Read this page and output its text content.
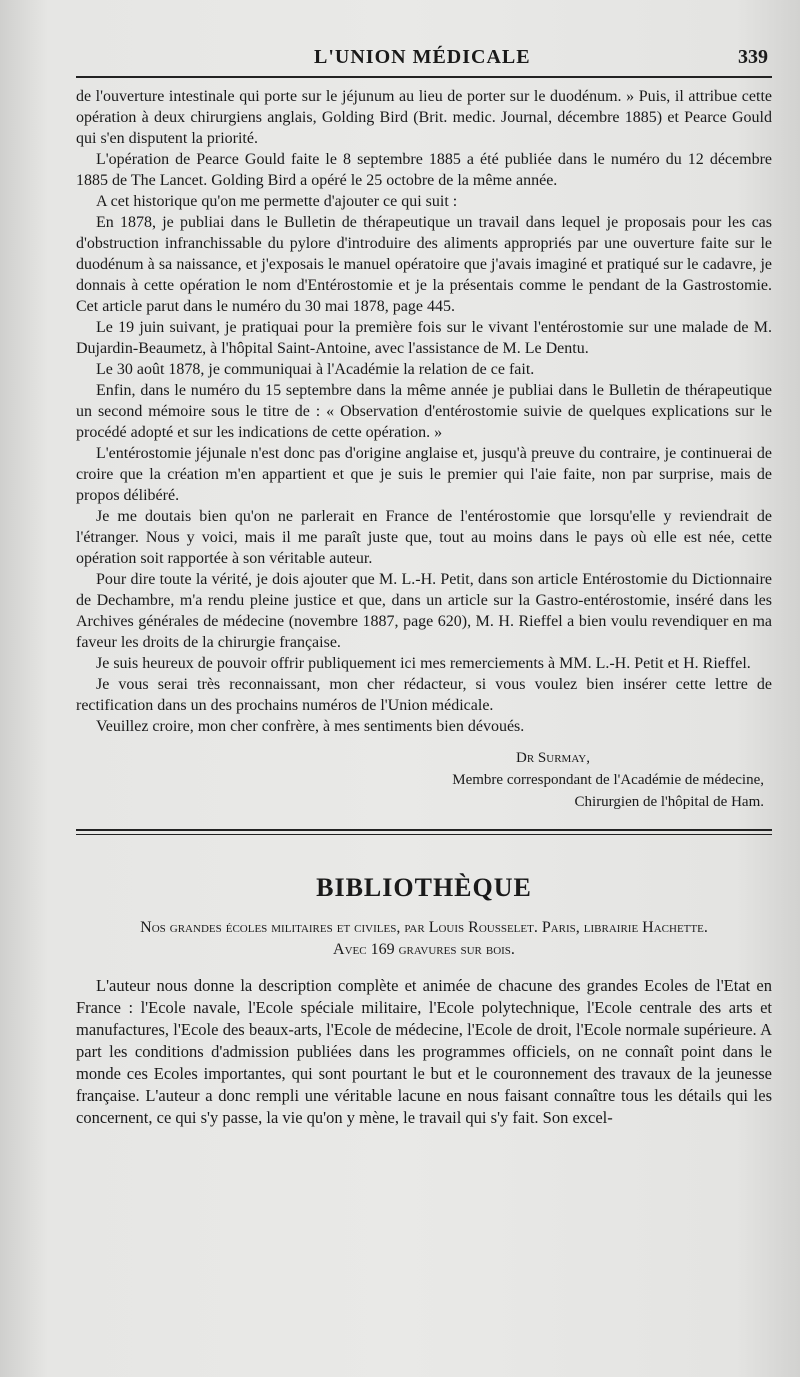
L'UNION MÉDICALE	339

de l'ouverture intestinale qui porte sur le jéjunum au lieu de porter sur le duodénum. » Puis, il attribue cette opération à deux chirurgiens anglais, Golding Bird (Brit. medic. Journal, décembre 1885) et Pearce Gould qui s'en disputent la priorité.

L'opération de Pearce Gould faite le 8 septembre 1885 a été publiée dans le numéro du 12 décembre 1885 de The Lancet. Golding Bird a opéré le 25 octobre de la même année.

A cet historique qu'on me permette d'ajouter ce qui suit :

En 1878, je publiai dans le Bulletin de thérapeutique un travail dans lequel je proposais pour les cas d'obstruction infranchissable du pylore d'introduire des aliments appropriés par une ouverture faite sur le duodénum à sa naissance, et j'exposais le manuel opératoire que j'avais imaginé et pratiqué sur le cadavre, je donnais à cette opération le nom d'Entérostomie et je la présentais comme le pendant de la Gastrostomie. Cet article parut dans le numéro du 30 mai 1878, page 445.

Le 19 juin suivant, je pratiquai pour la première fois sur le vivant l'entérostomie sur une malade de M. Dujardin-Beaumetz, à l'hôpital Saint-Antoine, avec l'assistance de M. Le Dentu.

Le 30 août 1878, je communiquai à l'Académie la relation de ce fait.

Enfin, dans le numéro du 15 septembre dans la même année je publiai dans le Bulletin de thérapeutique un second mémoire sous le titre de : « Observation d'entérostomie suivie de quelques explications sur le procédé adopté et sur les indications de cette opération. »

L'entérostomie jéjunale n'est donc pas d'origine anglaise et, jusqu'à preuve du contraire, je continuerai de croire que la création m'en appartient et que je suis le premier qui l'aie faite, non par surprise, mais de propos délibéré.

Je me doutais bien qu'on ne parlerait en France de l'entérostomie que lorsqu'elle y reviendrait de l'étranger. Nous y voici, mais il me paraît juste que, tout au moins dans le pays où elle est née, cette opération soit rapportée à son véritable auteur.

Pour dire toute la vérité, je dois ajouter que M. L.-H. Petit, dans son article Entérostomie du Dictionnaire de Dechambre, m'a rendu pleine justice et que, dans un article sur la Gastro-entérostomie, inséré dans les Archives générales de médecine (novembre 1887, page 620), M. H. Rieffel a bien voulu revendiquer en ma faveur les droits de la chirurgie française.

Je suis heureux de pouvoir offrir publiquement ici mes remerciements à MM. L.-H. Petit et H. Rieffel.

Je vous serai très reconnaissant, mon cher rédacteur, si vous voulez bien insérer cette lettre de rectification dans un des prochains numéros de l'Union médicale.

Veuillez croire, mon cher confrère, à mes sentiments bien dévoués.

Dr Surmay,
Membre correspondant de l'Académie de médecine,
Chirurgien de l'hôpital de Ham.
BIBLIOTHÈQUE
Nos grandes écoles militaires et civiles, par Louis Rousselet. Paris, librairie Hachette.
Avec 169 gravures sur bois.

L'auteur nous donne la description complète et animée de chacune des grandes Ecoles de l'Etat en France : l'Ecole navale, l'Ecole spéciale militaire, l'Ecole polytechnique, l'Ecole centrale des arts et manufactures, l'Ecole des beaux-arts, l'Ecole de médecine, l'Ecole de droit, l'Ecole normale supérieure. A part les conditions d'admission publiées dans les programmes officiels, on ne connaît point dans le monde ces Ecoles importantes, qui sont pourtant le but et le couronnement des travaux de la jeunesse française. L'auteur a donc rempli une véritable lacune en nous faisant connaître tous les détails qui les concernent, ce qui s'y passe, la vie qu'on y mène, le travail qui s'y fait. Son excel-
